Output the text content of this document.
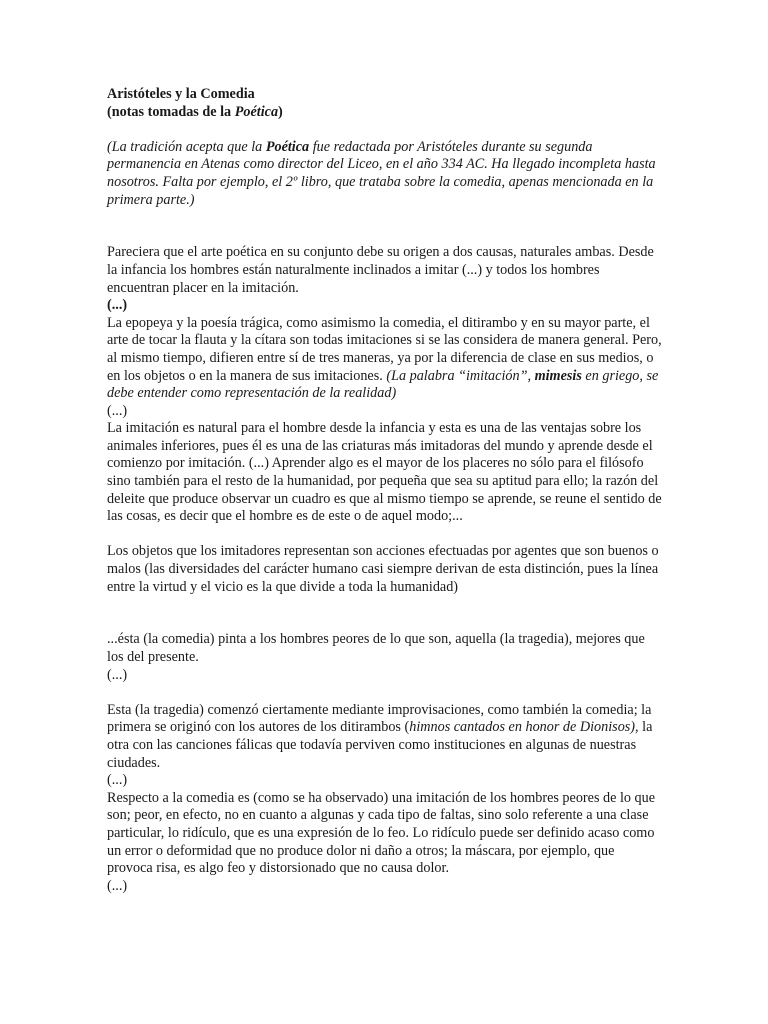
Aristóteles y la Comedia

(notas tomadas de la Poética)

(La tradición acepta que la Poética fue redactada por Aristóteles durante su segunda permanencia en Atenas como director del Liceo, en el año 334 AC. Ha llegado incompleta hasta nosotros. Falta por ejemplo, el 2º libro, que trataba sobre la comedia, apenas mencionada en la primera parte.)

Pareciera que el arte poética en su conjunto debe su origen a dos causas, naturales ambas. Desde la infancia los hombres están naturalmente inclinados a imitar (...) y todos los hombres encuentran placer en la imitación.

(...)

La epopeya y la poesía trágica, como asimismo la comedia, el ditirambo y en su mayor parte, el arte de tocar la flauta y la cítara son todas imitaciones si se las considera de manera general. Pero, al mismo tiempo, difieren entre sí de tres maneras, ya por la diferencia de clase en sus medios, o en los objetos o en la manera de sus imitaciones. (La palabra “imitación”, mimesis en griego, se debe entender como representación de la realidad)

(...)

La imitación es natural para el hombre desde la infancia y esta es una de las ventajas sobre los animales inferiores, pues él es una de las criaturas más imitadoras del mundo y aprende desde el comienzo por imitación. (...) Aprender algo es el mayor de los placeres no sólo para el filósofo sino también para el resto de la humanidad, por pequeña que sea su aptitud para ello; la razón del deleite que produce observar un cuadro es que al mismo tiempo se aprende, se reune el sentido de las cosas, es decir que el hombre es de este o de aquel modo;...

Los objetos que los imitadores representan son acciones efectuadas por agentes que son buenos o malos (las diversidades del carácter humano casi siempre derivan de esta distinción, pues la línea entre la virtud y el vicio es la que divide a toda la humanidad)

...ésta (la comedia) pinta a los hombres peores de lo que son, aquella (la tragedia), mejores que los del presente.

(...)

Esta (la tragedia) comenzó ciertamente mediante improvisaciones, como también la comedia; la primera se originó con los autores de los ditirambos (himnos cantados en honor de Dionisos), la otra con las canciones fálicas que todavía perviven como instituciones en algunas de nuestras ciudades.

(...)

Respecto a la comedia es (como se ha observado) una imitación de los hombres peores de lo que son; peor, en efecto, no en cuanto a algunas y cada tipo de faltas, sino solo referente a una clase particular, lo ridículo, que es una expresión de lo feo. Lo ridículo puede ser definido acaso como un error o deformidad que no produce dolor ni daño a otros; la máscara, por ejemplo, que provoca risa, es algo feo y distorsionado que no causa dolor.

(...)
